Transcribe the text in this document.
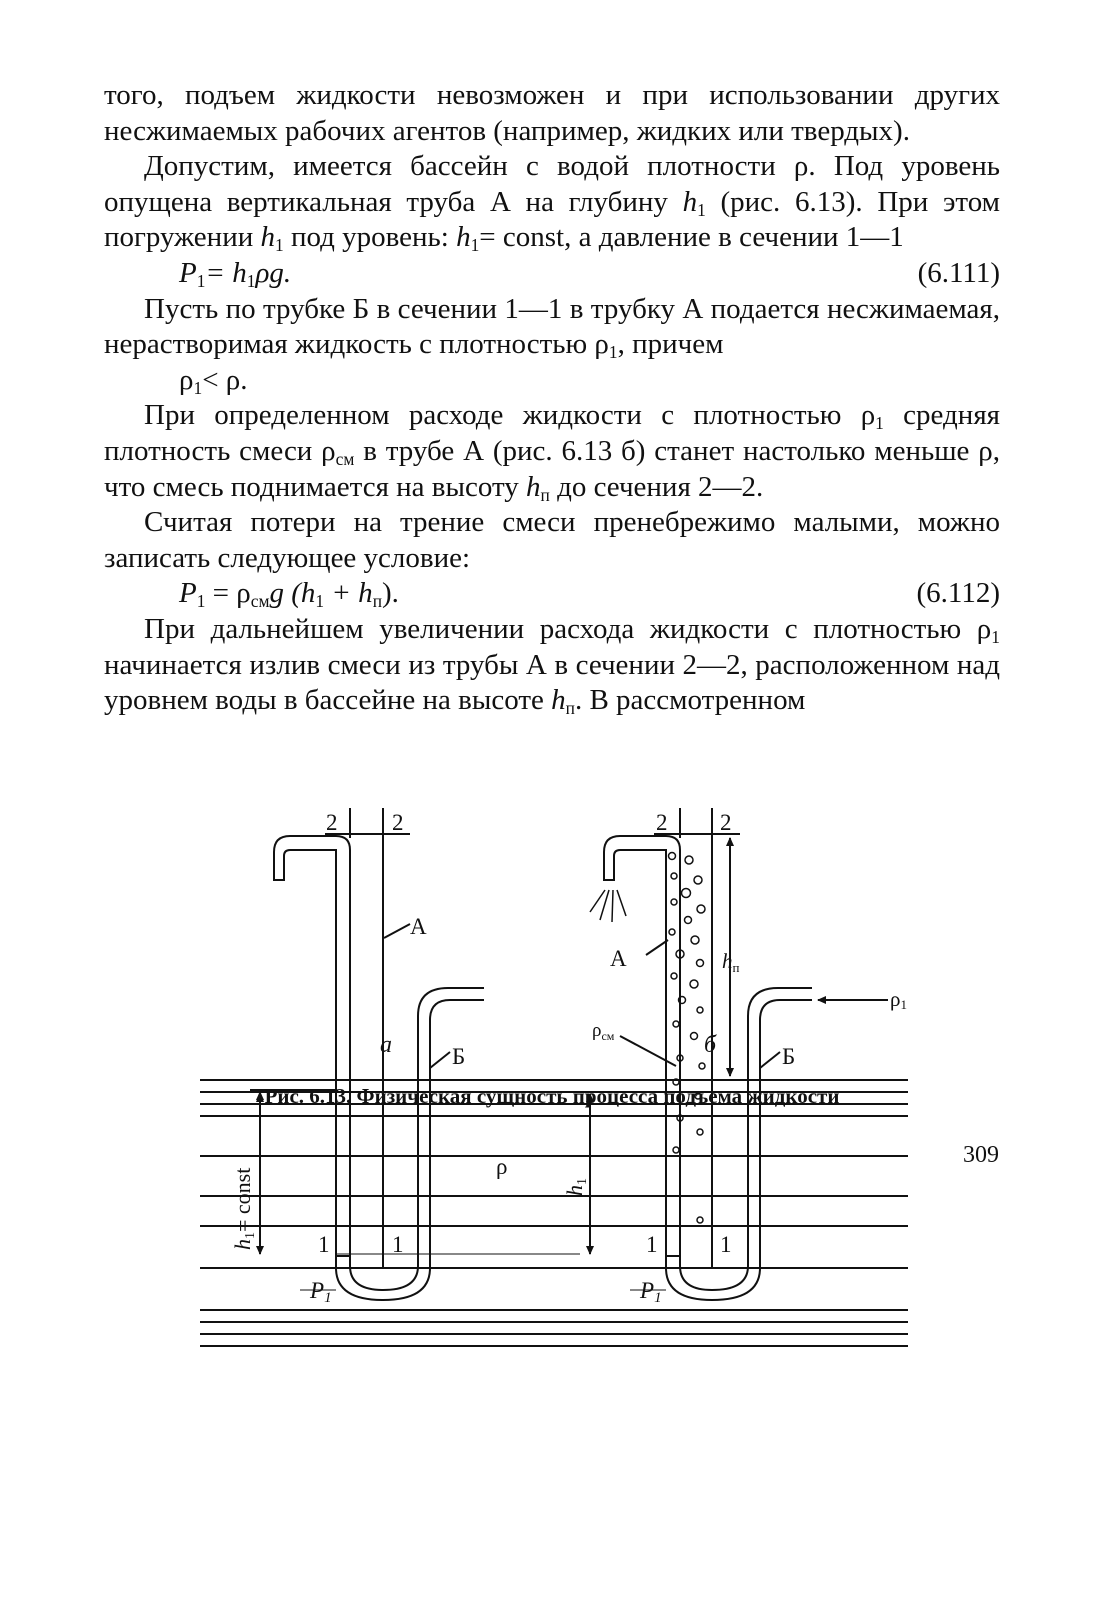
того, подъем жидкости невозможен и при использовании других несжимаемых рабочих агентов (например, жидких или твердых).

Допустим, имеется бассейн с водой плотности ρ. Под уровень опущена вертикальная труба А на глубину $h_1$ (рис. 6.13). При этом погружении $h_1$ под уровень: $h_1=$ const, а давление в сечении 1—1

$P_1= h_1\rho g$.	(6.111)

Пусть по трубке Б в сечении 1—1 в трубку А подается несжимаемая, нерастворимая жидкость с плотностью $\rho_1$, причем

$\rho_1< \rho$.

При определенном расходе жидкости с плотностью $\rho_1$ средняя плотность смеси $\rho_{см}$ в трубе А (рис. 6.13 б) станет настолько меньше ρ, что смесь поднимается на высоту $h_п$ до сечения 2—2.

Считая потери на трение смеси пренебрежимо малыми, можно записать следующее условие:

$P_1 = \rho_{см}g$ $(h_1 + h_п)$.	(6.112)

При дальнейшем увеличении расхода жидкости с плотностью $\rho_1$ начинается излив смеси из трубы А в сечении 2—2, расположенном над уровнем воды в бассейне на высоте $h_п$. В рассмотренном

2 2
А
Б
1	1
ρ
P1
h1= const	h1
2 2
А
Б
1	1
P1
hп
ρ1
$\rho_{см}$
а	б
Рис. 6.13. Физическая сущность процесса подъема жидкости
309
